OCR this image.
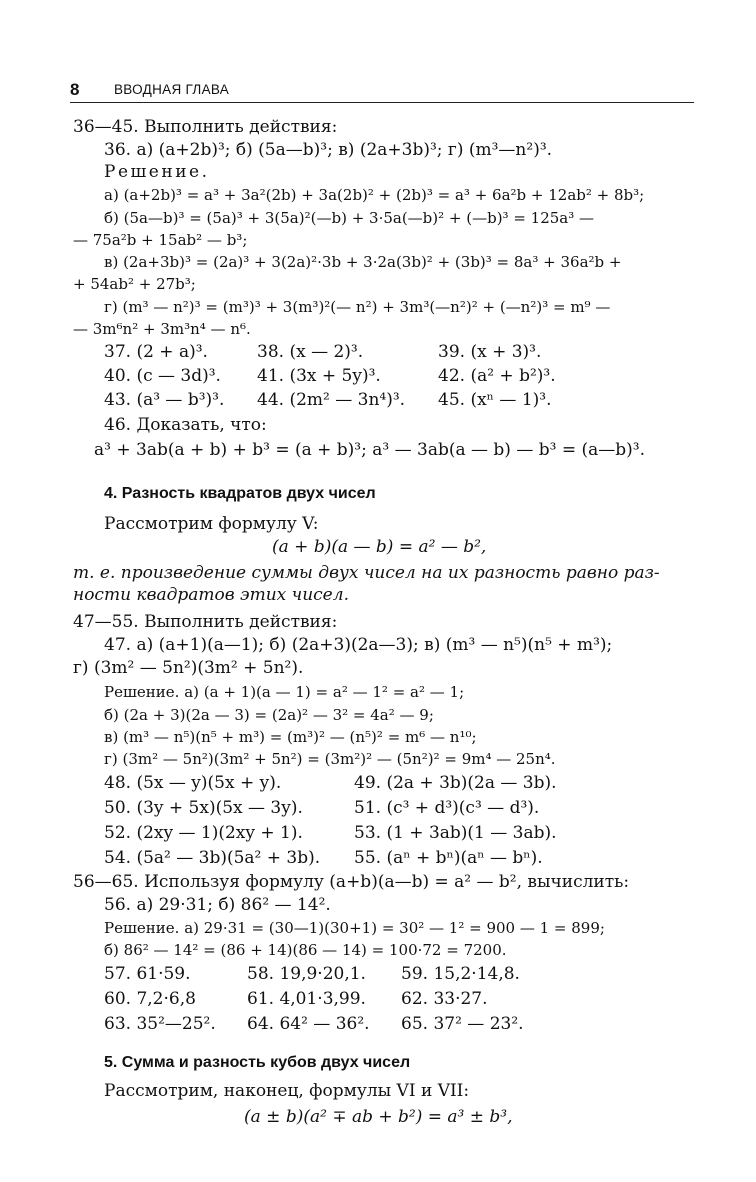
8	ВВОДНАЯ ГЛАВА
36—45. Выполнить действия:
36. а) (a+2b)³; б) (5a—b)³; в) (2a+3b)³; г) (m³—n²)³.
Решение.
а) (a+2b)³ = a³ + 3a²(2b) + 3a(2b)² + (2b)³ = a³ + 6a²b + 12ab² + 8b³;
б) (5a—b)³ = (5a)³ + 3(5a)²(—b) + 3·5a(—b)² + (—b)³ = 125a³ —
— 75a²b + 15ab² — b³;
в) (2a+3b)³ = (2a)³ + 3(2a)²·3b + 3·2a(3b)² + (3b)³ = 8a³ + 36a²b +
+ 54ab² + 27b³;
г) (m³ — n²)³ = (m³)³ + 3(m³)²(— n²) + 3m³(—n²)² + (—n²)³ = m⁹ —
— 3m⁶n² + 3m³n⁴ — n⁶.
37. (2 + a)³.	38. (x — 2)³.	39. (x + 3)³.
40. (c — 3d)³. 41. (3x + 5y)³.	42. (a² + b²)³.
43. (a³ — b³)³. 44. (2m² — 3n⁴)³. 45. (xⁿ — 1)³.
46. Доказать, что:
a³ + 3ab(a + b) + b³ = (a + b)³; a³ — 3ab(a — b) — b³ = (a—b)³.
4. Разность квадратов двух чисел
Рассмотрим формулу V:
(a + b)(a — b) = a² — b²,
т. е. произведение суммы двух чисел на их разность равно раз-
ности квадратов этих чисел.
47—55. Выполнить действия:
47. а) (a+1)(a—1); б) (2a+3)(2a—3); в) (m³ — n⁵)(n⁵ + m³);
г) (3m² — 5n²)(3m² + 5n²).
Решение. а) (a + 1)(a — 1) = a² — 1² = a² — 1;
б) (2a + 3)(2a — 3) = (2a)² — 3² = 4a² — 9;
в) (m³ — n⁵)(n⁵ + m³) = (m³)² — (n⁵)² = m⁶ — n¹⁰;
г) (3m² — 5n²)(3m² + 5n²) = (3m²)² — (5n²)² = 9m⁴ — 25n⁴.
48. (5x — y)(5x + y).	49. (2a + 3b)(2a — 3b).
50. (3y + 5x)(5x — 3y).	51. (c³ + d³)(c³ — d³).
52. (2xy — 1)(2xy + 1).	53. (1 + 3ab)(1 — 3ab).
54. (5a² — 3b)(5a² + 3b). 55. (aⁿ + bⁿ)(aⁿ — bⁿ).
56—65. Используя формулу (a+b)(a—b) = a² — b², вычислить:
56. а) 29·31; б) 86² — 14².
Решение. а) 29·31 = (30—1)(30+1) = 30² — 1² = 900 — 1 = 899;
б) 86² — 14² = (86 + 14)(86 — 14) = 100·72 = 7200.
57. 61·59.	58. 19,9·20,1. 59. 15,2·14,8.
60. 7,2·6,8	61. 4,01·3,99. 62. 33·27.
63. 35²—25². 64. 64² — 36². 65. 37² — 23².
5. Сумма и разность кубов двух чисел
Рассмотрим, наконец, формулы VI и VII:
(a ± b)(a² ∓ ab + b²) = a³ ± b³,
